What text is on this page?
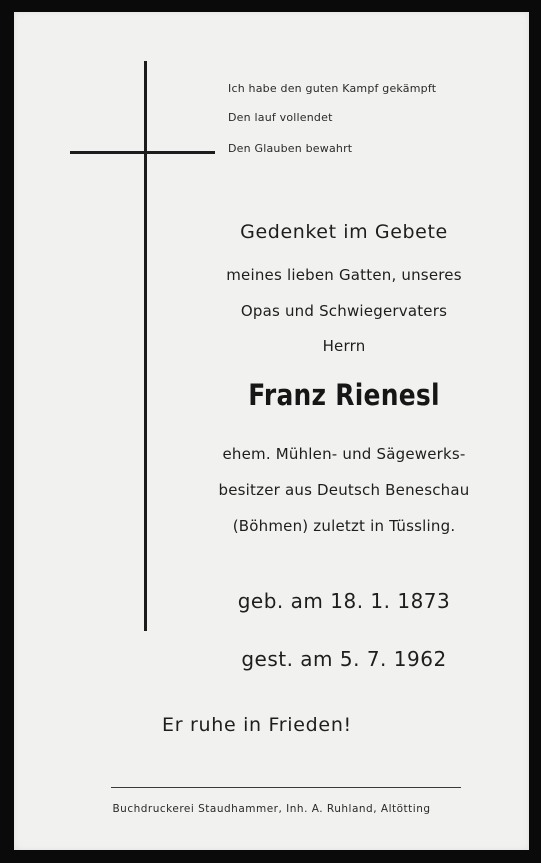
Ich habe den guten Kampf gekämpft
Den lauf vollendet
Den Glauben bewahrt
Gedenket im Gebete
meines lieben Gatten, unseres
Opas und Schwiegervaters
Herrn
Franz Rienesl
ehem. Mühlen- und Sägewerks-
besitzer aus Deutsch Beneschau
(Böhmen) zuletzt in Tüssling.
geb. am 18. 1. 1873
gest. am 5. 7. 1962
Er ruhe in Frieden!
Buchdruckerei Staudhammer, Inh. A. Ruhland, Altötting
